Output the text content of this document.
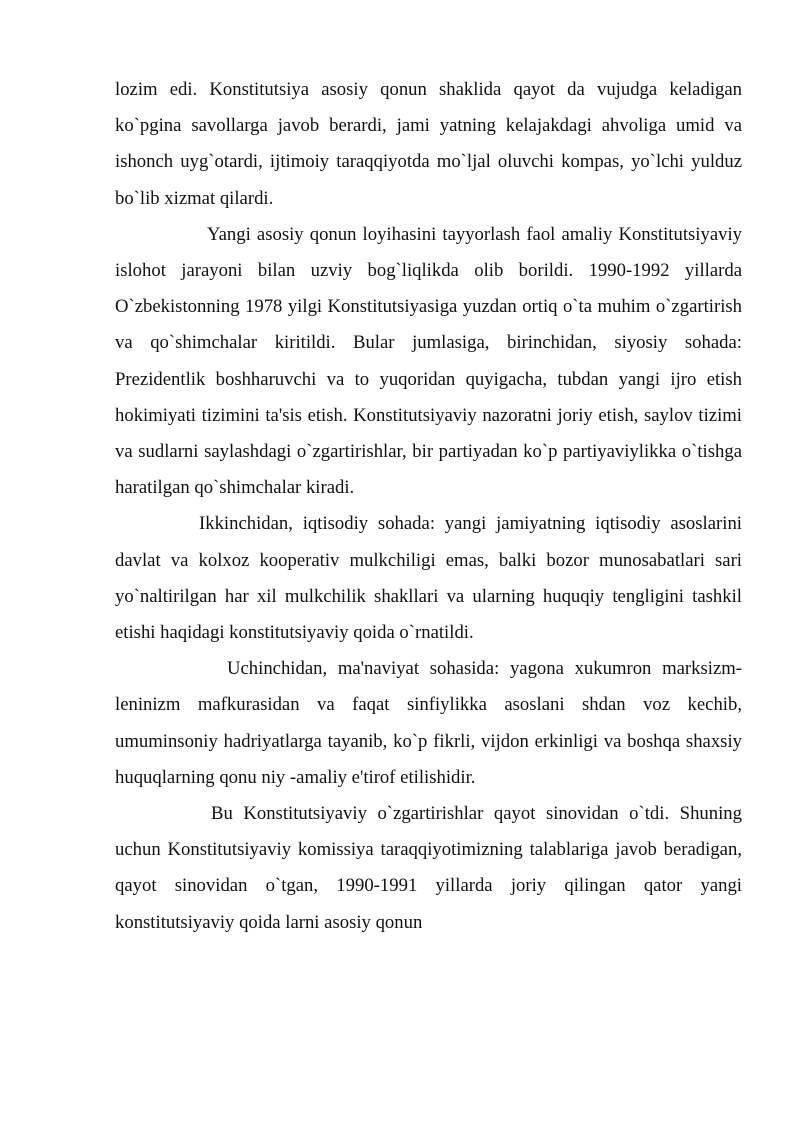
lozim edi. Konstitutsiya asosiy qonun shaklida qayot da vujudga keladigan ko`pgina savollarga javob berardi, jami yatning kelajakdagi ahvoliga umid va ishonch uyg`otardi, ijtimoiy taraqqiyotda mo`ljal oluvchi kompas, yo`lchi yulduz bo`lib xizmat qilardi.

Yangi asosiy qonun loyihasini tayyorlash faol amaliy Konstitutsiyaviy islohot jarayoni bilan uzviy bog`liqlikda olib borildi. 1990-1992 yillarda O`zbekistonning 1978 yilgi Konstitutsiyasiga yuzdan ortiq o`ta muhim o`zgartirish va qo`shimchalar kiritildi. Bular jumlasiga, birinchidan, siyosiy sohada: Prezidentlik boshharuvchi va to yuqoridan quyigacha, tubdan yangi ijro etish hokimiyati tizimini ta'sis etish. Konstitutsiyaviy nazoratni joriy etish, saylov tizimi va sudlarni saylashdagi o`zgartirishlar, bir partiyadan ko`p partiyaviylikka o`tishga haratilgan qo`shimchalar kiradi.

Ikkinchidan, iqtisodiy sohada: yangi jamiyatning iqtisodiy asoslarini davlat va kolxoz kooperativ mulkchiligi emas, balki bozor munosabatlari sari yo`naltirilgan har xil mulkchilik shakllari va ularning huquqiy tengligini tashkil etishi haqidagi konstitutsiyaviy qoida o`rnatildi.

Uchinchidan, ma'naviyat sohasida: yagona xukumron marksizm-leninizm mafkurasidan va faqat sinfiylikka asoslani shdan voz kechib, umuminsoniy hadriyatlarga tayanib, ko`p fikrli, vijdon erkinligi va boshqa shaxsiy huquqlarning qonu niy -amaliy e'tirof etilishidir.

Bu Konstitutsiyaviy o`zgartirishlar qayot sinovidan o`tdi. Shuning uchun Konstitutsiyaviy komissiya taraqqiyotimizning talablariga javob beradigan, qayot sinovidan o`tgan, 1990-1991 yillarda joriy qilingan qator yangi konstitutsiyaviy qoida larni asosiy qonun
